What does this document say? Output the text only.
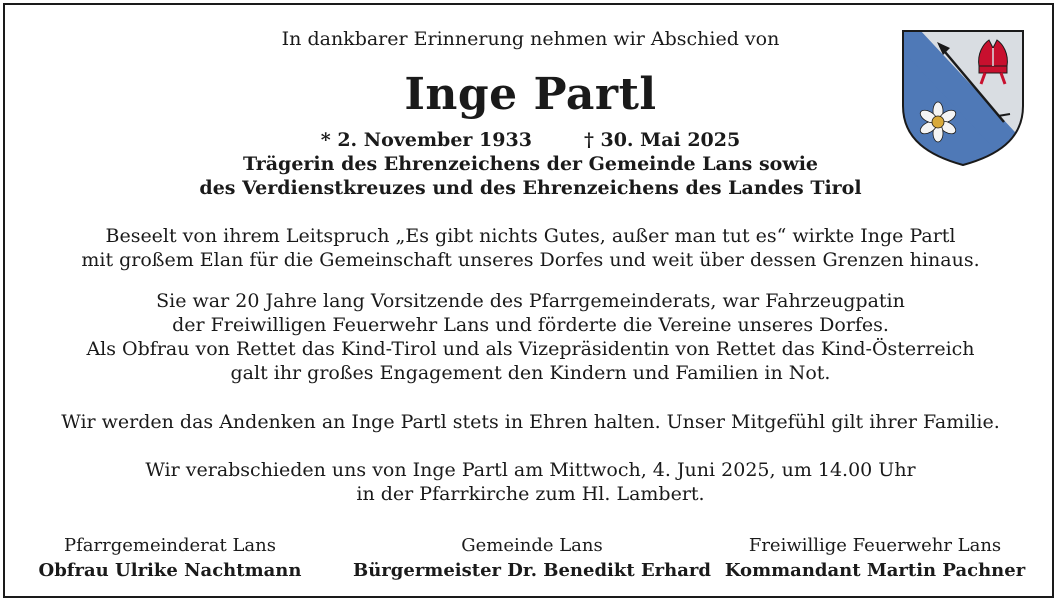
In dankbarer Erinnerung nehmen wir Abschied von
Inge Partl
* 2. November 1933	† 30. Mai 2025
Trägerin des Ehrenzeichens der Gemeinde Lans sowie
des Verdienstkreuzes und des Ehrenzeichens des Landes Tirol
Beseelt von ihrem Leitspruch „Es gibt nichts Gutes, außer man tut es“ wirkte Inge Partl
mit großem Elan für die Gemeinschaft unseres Dorfes und weit über dessen Grenzen hinaus.
Sie war 20 Jahre lang Vorsitzende des Pfarrgemeinderats, war Fahrzeugpatin
der Freiwilligen Feuerwehr Lans und förderte die Vereine unseres Dorfes.
Als Obfrau von Rettet das Kind-Tirol und als Vizepräsidentin von Rettet das Kind-Österreich
galt ihr großes Engagement den Kindern und Familien in Not.
Wir werden das Andenken an Inge Partl stets in Ehren halten. Unser Mitgefühl gilt ihrer Familie.
Wir verabschieden uns von Inge Partl am Mittwoch, 4. Juni 2025, um 14.00 Uhr
in der Pfarrkirche zum Hl. Lambert.
Pfarrgemeinderat Lans
Obfrau Ulrike Nachtmann
Gemeinde Lans
Bürgermeister Dr. Benedikt Erhard
Freiwillige Feuerwehr Lans
Kommandant Martin Pachner
